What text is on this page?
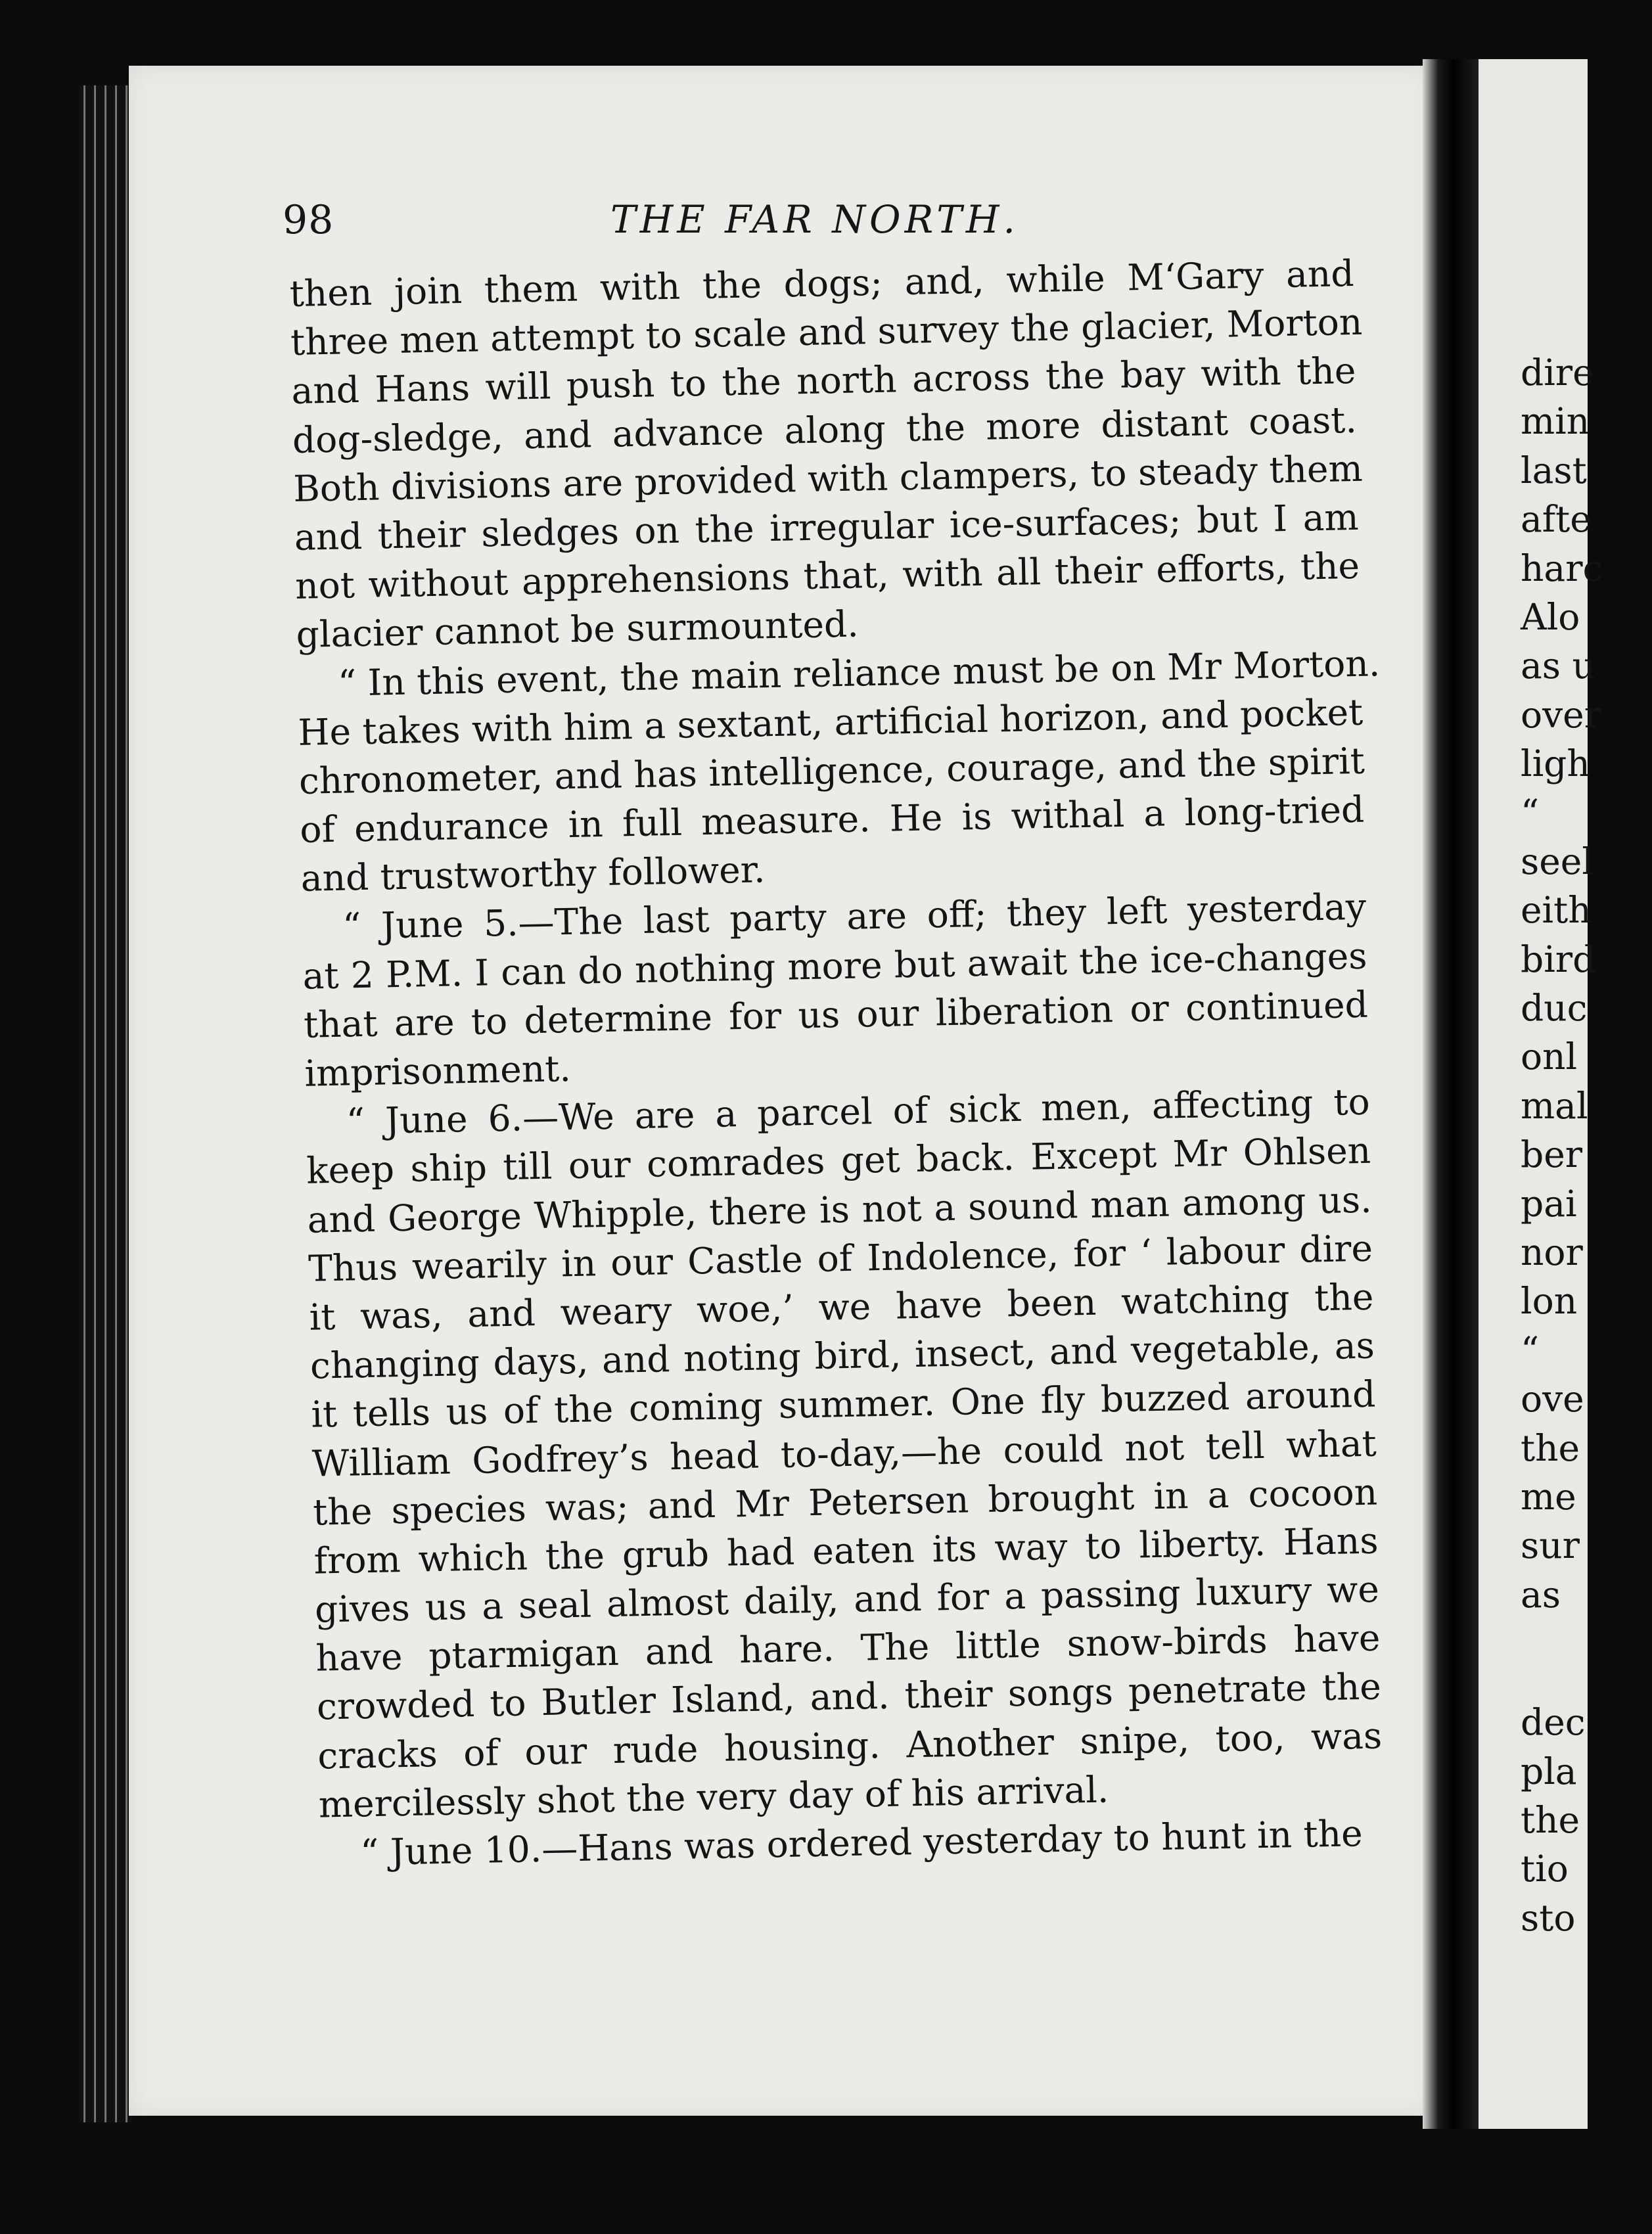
dire
min
last
afte
harc
Alo
as u
over
ligh
“
seel
eith
bird
duc
onl
mal
ber
pai
nor
lon
“
ove
the
me
sur
as
dec
pla
the
tio
sto
98	THE FAR NORTH.
then join them with the dogs; and, while M‘Gary and
three men attempt to scale and survey the glacier, Morton
and Hans will push to the north across the bay with the
dog-sledge, and advance along the more distant coast.
Both divisions are provided with clampers, to steady them
and their sledges on the irregular ice-surfaces; but I am
not without apprehensions that, with all their efforts, the
glacier cannot be surmounted.
“ In this event, the main reliance must be on Mr Morton.
He takes with him a sextant, artificial horizon, and pocket
chronometer, and has intelligence, courage, and the spirit
of endurance in full measure. He is withal a long-tried
and trustworthy follower.
“ June 5.—The last party are off; they left yesterday
at 2 P.M. I can do nothing more but await the ice-changes
that are to determine for us our liberation or continued
imprisonment.
“ June 6.—We are a parcel of sick men, affecting to
keep ship till our comrades get back. Except Mr Ohlsen
and George Whipple, there is not a sound man among us.
Thus wearily in our Castle of Indolence, for ‘ labour dire
it was, and weary woe,’ we have been watching the
changing days, and noting bird, insect, and vegetable, as
it tells us of the coming summer. One fly buzzed around
William Godfrey’s head to-day,—he could not tell what
the species was; and Mr Petersen brought in a cocoon
from which the grub had eaten its way to liberty. Hans
gives us a seal almost daily, and for a passing luxury we
have ptarmigan and hare. The little snow-birds have
crowded to Butler Island, and. their songs penetrate the
cracks of our rude housing. Another snipe, too, was
mercilessly shot the very day of his arrival.
“ June 10.—Hans was ordered yesterday to hunt in the
